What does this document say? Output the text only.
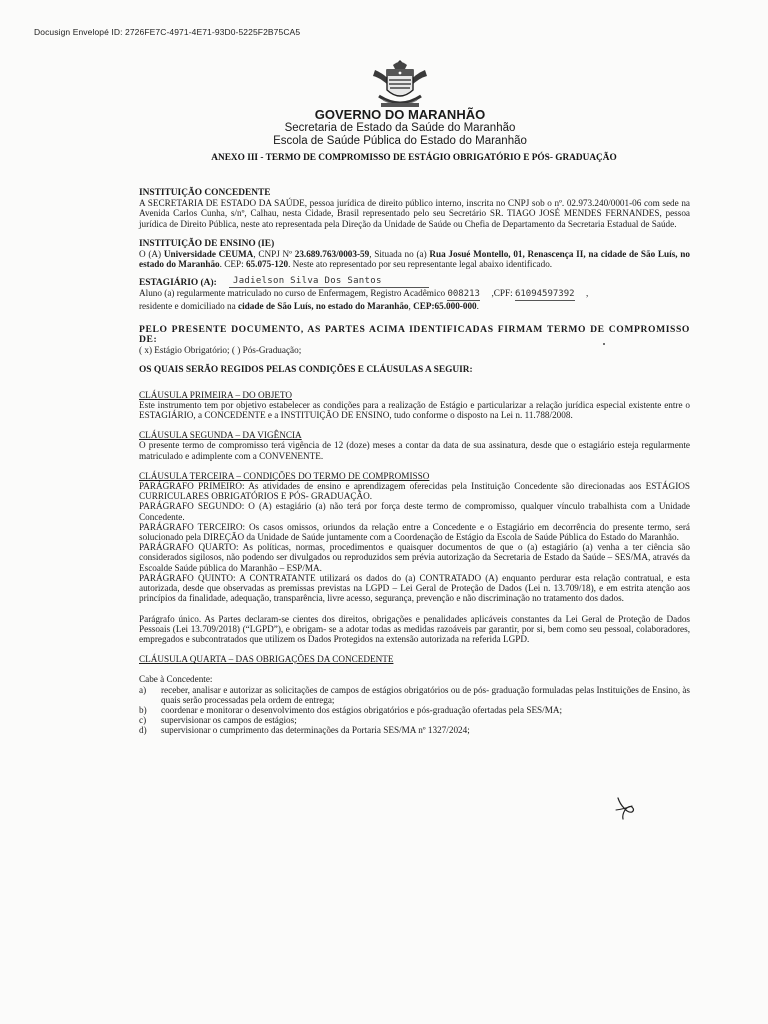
Docusign Envelopé ID: 2726FE7C-4971-4E71-93D0-5225F2B75CA5
GOVERNO DO MARANHÃO
Secretaria de Estado da Saúde do Maranhão
Escola de Saúde Pública do Estado do Maranhão
ANEXO III - TERMO DE COMPROMISSO DE ESTÁGIO OBRIGATÓRIO E PÓS- GRADUAÇÃO

INSTITUIÇÃO CONCEDENTE

A SECRETARIA DE ESTADO DA SAÚDE, pessoa jurídica de direito público interno, inscrita no CNPJ sob o nº. 02.973.240/0001-06 com sede na Avenida Carlos Cunha, s/nº, Calhau, nesta Cidade, Brasil representado pelo seu Secretário SR. TIAGO JOSÉ MENDES FERNANDES, pessoa jurídica de Direito Pública, neste ato representada pela Direção da Unidade de Saúde ou Chefia de Departamento da Secretaria Estadual de Saúde.

INSTITUIÇÃO DE ENSINO (IE)

O (A) Universidade CEUMA, CNPJ Nº 23.689.763/0003-59, Situada no (a) Rua Josué Montello, 01, Renascença II, na cidade de São Luís, no estado do Maranhão. CEP: 65.075-120. Neste ato representado por seu representante legal abaixo identificado.

ESTAGIÁRIO (A): Jadielson Silva Dos Santos

Aluno (a) regularmente matriculado no curso de Enfermagem, Registro Acadêmico 008213 ,CPF: 61094597392     ,

residente e domiciliado na cidade de São Luís, no estado do Maranhão, CEP:65.000-000.

PELO PRESENTE DOCUMENTO, AS PARTES ACIMA IDENTIFICADAS FIRMAM TERMO DE COMPROMISSO DE:

( x) Estágio Obrigatório; ( ) Pós-Graduação;

OS QUAIS SERÃO REGIDOS PELAS CONDIÇÕES E CLÁUSULAS A SEGUIR:

CLÁUSULA PRIMEIRA – DO OBJETO

Este instrumento tem por objetivo estabelecer as condições para a realização de Estágio e particularizar a relação jurídica especial existente entre o ESTAGIÁRIO, a CONCEDENTE e a INSTITUIÇÃO DE ENSINO, tudo conforme o disposto na Lei n. 11.788/2008.

CLÁUSULA SEGUNDA – DA VIGÊNCIA

O presente termo de compromisso terá vigência de 12 (doze) meses a contar da data de sua assinatura, desde que o estagiário esteja regularmente matriculado e adimplente com a CONVENENTE.

CLÁUSULA TERCEIRA – CONDIÇÕES DO TERMO DE COMPROMISSO

PARÁGRAFO PRIMEIRO: As atividades de ensino e aprendizagem oferecidas pela Instituição Concedente são direcionadas aos ESTÁGIOS CURRICULARES OBRIGATÓRIOS E PÓS- GRADUAÇÃO.

PARÁGRAFO SEGUNDO: O (A) estagiário (a) não terá por força deste termo de compromisso, qualquer vínculo trabalhista com a Unidade Concedente.

PARÁGRAFO TERCEIRO: Os casos omissos, oriundos da relação entre a Concedente e o Estagiário em decorrência do presente termo, será solucionado pela DIREÇÃO da Unidade de Saúde juntamente com a Coordenação de Estágio da Escola de Saúde Pública do Estado do Maranhão.

PARÁGRAFO QUARTO: As políticas, normas, procedimentos e quaisquer documentos de que o (a) estagiário (a) venha a ter ciência são considerados sigilosos, não podendo ser divulgados ou reproduzidos sem prévia autorização da Secretaria de Estado da Saúde – SES/MA, através da Escoalde Saúde pública do Maranhão – ESP/MA.

PARÁGRAFO QUINTO: A CONTRATANTE utilizará os dados do (a) CONTRATADO (A) enquanto perdurar esta relação contratual, e esta autorizada, desde que observadas as premissas previstas na LGPD – Lei Geral de Proteção de Dados (Lei n. 13.709/18), e em estrita atenção aos princípios da finalidade, adequação, transparência, livre acesso, segurança, prevenção e não discriminação no tratamento dos dados.

Parágrafo único. As Partes declaram-se cientes dos direitos, obrigações e penalidades aplicáveis constantes da Lei Geral de Proteção de Dados Pessoais (Lei 13.709/2018) (“LGPD”), e obrigam- se a adotar todas as medidas razoáveis par garantir, por si, bem como seu pessoal, colaboradores, empregados e subcontratados que utilizem os Dados Protegidos na extensão autorizada na referida LGPD.

CLÁUSULA QUARTA – DAS OBRIGAÇÕES DA CONCEDENTE

Cabe à Concedente:

a)	receber, analisar e autorizar as solicitações de campos de estágios obrigatórios ou de pós- graduação formuladas pelas Instituições de Ensino, às quais serão processadas pela ordem de entrega;
b)	coordenar e monitorar o desenvolvimento dos estágios obrigatórios e pós-graduação ofertadas pela SES/MA;
c)	supervisionar os campos de estágios;
d)	supervisionar o cumprimento das determinações da Portaria SES/MA nº 1327/2024;
